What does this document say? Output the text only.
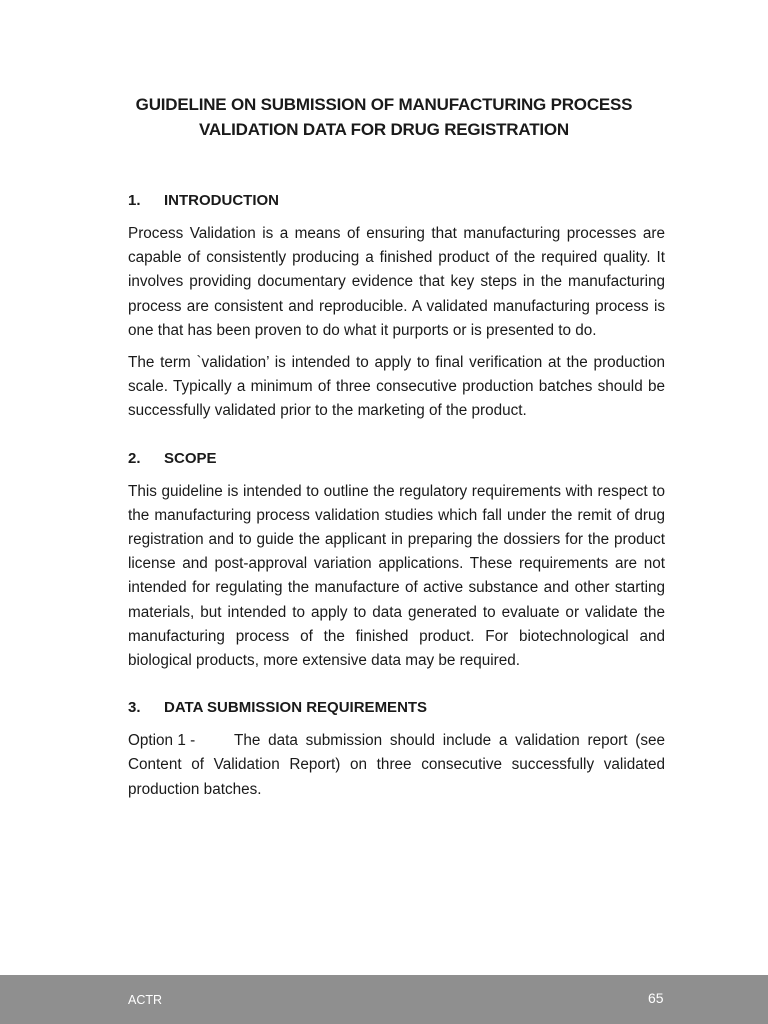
GUIDELINE ON SUBMISSION OF MANUFACTURING PROCESS VALIDATION DATA FOR DRUG REGISTRATION
1.	INTRODUCTION

Process Validation is a means of ensuring that manufacturing processes are capable of consistently producing a finished product of the required quality. It involves providing documentary evidence that key steps in the manufacturing process are consistent and reproducible. A validated manufacturing process is one that has been proven to do what it purports or is presented to do.

The term `validation’ is intended to apply to final verification at the production scale. Typically a minimum of three consecutive production batches should be successfully validated prior to the marketing of the product.

2.	SCOPE

This guideline is intended to outline the regulatory requirements with respect to the manufacturing process validation studies which fall under the remit of drug registration and to guide the applicant in preparing the dossiers for the product license and post-approval variation applications. These requirements are not intended for regulating the manufacture of active substance and other starting materials, but intended to apply to data generated to evaluate or validate the manufacturing process of the finished product. For biotechnological and biological products, more extensive data may be required.

3.	DATA SUBMISSION REQUIREMENTS

Option 1 -	The data submission should include a validation report (see Content of Validation Report) on three consecutive successfully validated production batches.

ACTR	65
